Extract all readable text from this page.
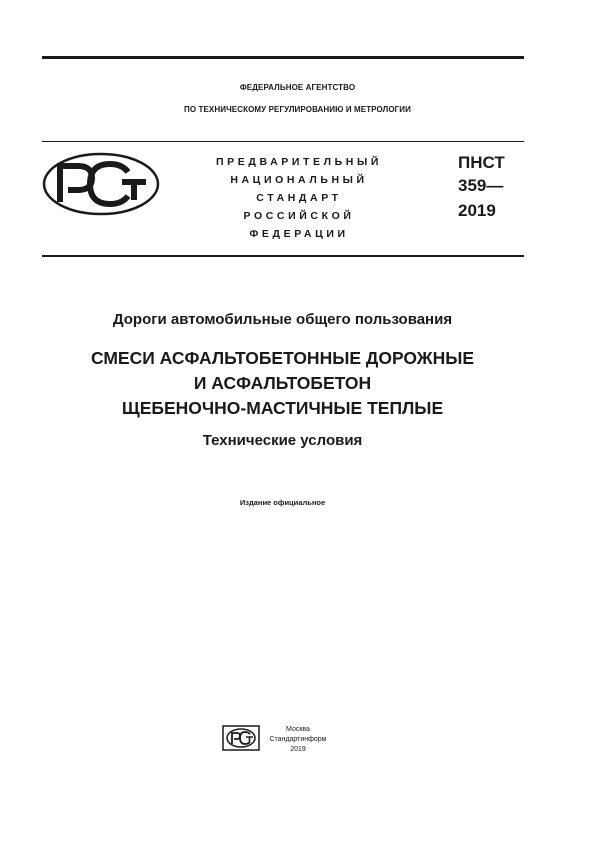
ФЕДЕРАЛЬНОЕ АГЕНТСТВО
ПО ТЕХНИЧЕСКОМУ РЕГУЛИРОВАНИЮ И МЕТРОЛОГИИ
ПРЕДВАРИТЕЛЬНЫЙ
НАЦИОНАЛЬНЫЙ
СТАНДАРТ
РОССИЙСКОЙ
ФЕДЕРАЦИИ
ПНСТ
359—
2019
Дороги автомобильные общего пользования
СМЕСИ АСФАЛЬТОБЕТОННЫЕ ДОРОЖНЫЕ
И АСФАЛЬТОБЕТОН
ЩЕБЕНОЧНО-МАСТИЧНЫЕ ТЕПЛЫЕ
Технические условия
Издание официальное
Москва
Стандартинформ
2019
